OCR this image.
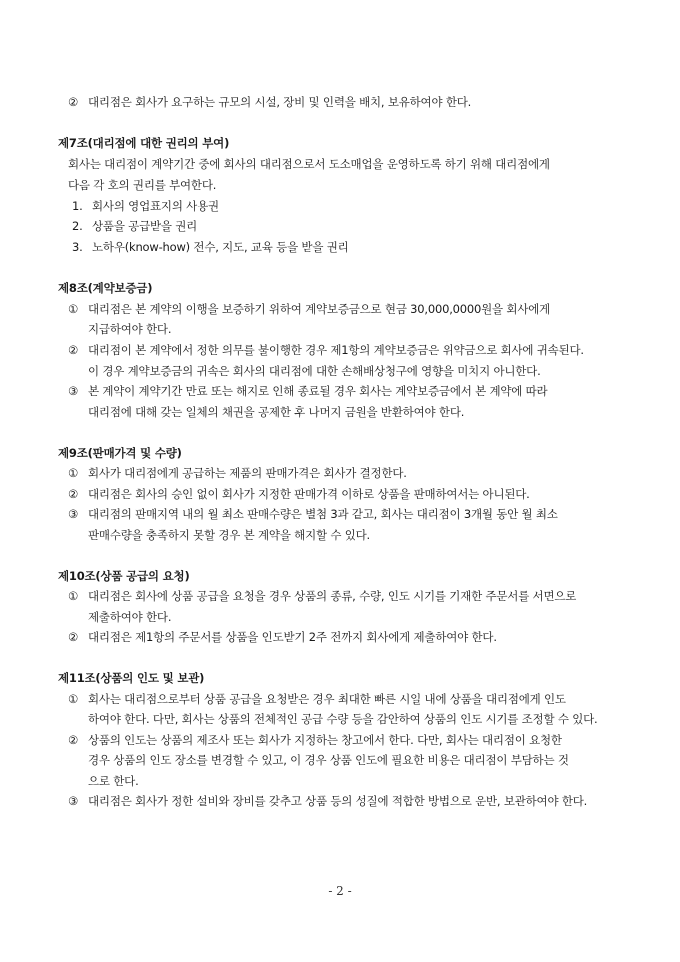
② 대리점은 회사가 요구하는 규모의 시설, 장비 및 인력을 배치, 보유하여야 한다.
제7조(대리점에 대한 권리의 부여)
회사는 대리점이 계약기간 중에 회사의 대리점으로서 도소매업을 운영하도록 하기 위해 대리점에게
다음 각 호의 권리를 부여한다.
1. 회사의 영업표지의 사용권
2. 상품을 공급받을 권리
3. 노하우(know-how) 전수, 지도, 교육 등을 받을 권리
제8조(계약보증금)
① 대리점은 본 계약의 이행을 보증하기 위하여 계약보증금으로 현금 30,000,0000원을 회사에게
지급하여야 한다.
② 대리점이 본 계약에서 정한 의무를 불이행한 경우 제1항의 계약보증금은 위약금으로 회사에 귀속된다.
이 경우 계약보증금의 귀속은 회사의 대리점에 대한 손해배상청구에 영향을 미치지 아니한다.
③ 본 계약이 계약기간 만료 또는 해지로 인해 종료될 경우 회사는 계약보증금에서 본 계약에 따라
대리점에 대해 갖는 일체의 채권을 공제한 후 나머지 금원을 반환하여야 한다.
제9조(판매가격 및 수량)
① 회사가 대리점에게 공급하는 제품의 판매가격은 회사가 결정한다.
② 대리점은 회사의 승인 없이 회사가 지정한 판매가격 이하로 상품을 판매하여서는 아니된다.
③ 대리점의 판매지역 내의 월 최소 판매수량은 별첨 3과 같고, 회사는 대리점이 3개월 동안 월 최소
판매수량을 충족하지 못할 경우 본 계약을 해지할 수 있다.
제10조(상품 공급의 요청)
① 대리점은 회사에 상품 공급을 요청을 경우 상품의 종류, 수량, 인도 시기를 기재한 주문서를 서면으로
제출하여야 한다.
② 대리점은 제1항의 주문서를 상품을 인도받기 2주 전까지 회사에게 제출하여야 한다.
제11조(상품의 인도 및 보관)
① 회사는 대리점으로부터 상품 공급을 요청받은 경우 최대한 빠른 시일 내에 상품을 대리점에게 인도
하여야 한다. 다만, 회사는 상품의 전체적인 공급 수량 등을 감안하여 상품의 인도 시기를 조정할 수 있다.
② 상품의 인도는 상품의 제조사 또는 회사가 지정하는 창고에서 한다. 다만, 회사는 대리점이 요청한
경우 상품의 인도 장소를 변경할 수 있고, 이 경우 상품 인도에 필요한 비용은 대리점이 부담하는 것
으로 한다.
③ 대리점은 회사가 정한 설비와 장비를 갖추고 상품 등의 성질에 적합한 방법으로 운반, 보관하여야 한다.
- 2 -
